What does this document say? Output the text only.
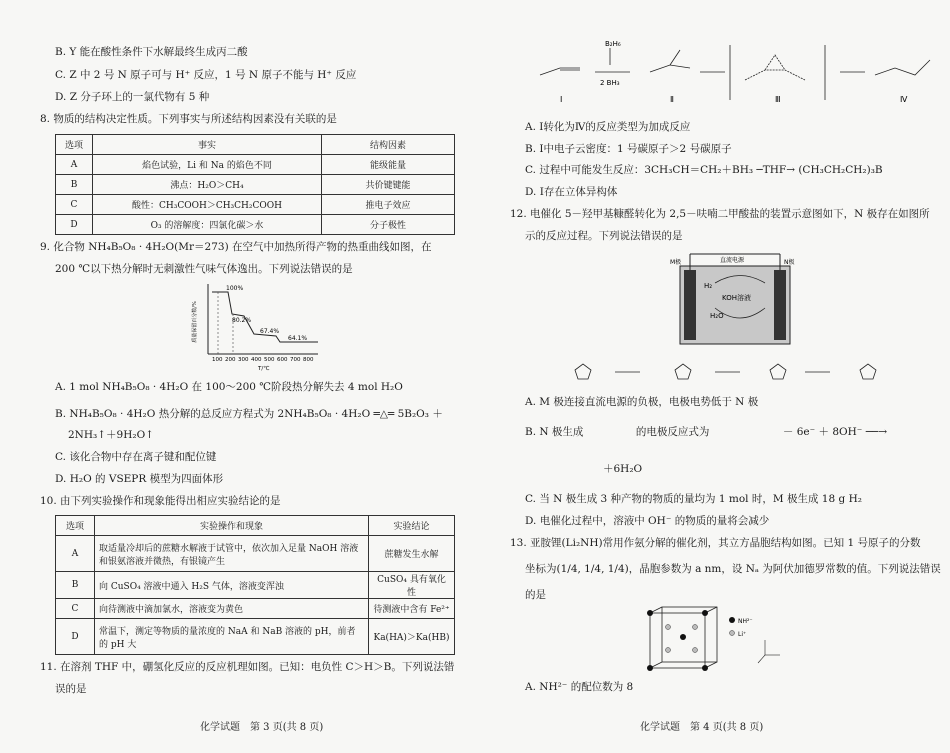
B. Y 能在酸性条件下水解最终生成丙二酸
C. Z 中 2 号 N 原子可与 H⁺ 反应，1 号 N 原子不能与 H⁺ 反应
D. Z 分子环上的一氯代物有 5 种
8. 物质的结构决定性质。下列事实与所述结构因素没有关联的是
选项	事实	结构因素
A	焰色试验，Li 和 Na 的焰色不同	能级能量
B	沸点：H₂O＞CH₄	共价键键能
C	酸性：CH₃COOH＞CH₃CH₂COOH	推电子效应
D	O₃ 的溶解度：四氯化碳＞水	分子极性
9. 化合物 NH₄B₅O₈ · 4H₂O(Mr＝273) 在空气中加热所得产物的热重曲线如图，在
200 ℃以下热分解时无刺激性气味气体逸出。下列说法错误的是
质量保留百分数/%
100%
80.2%
67.4%
64.1%
100 200 300 400 500 600 700 800
T/℃
A. 1 mol NH₄B₅O₈ · 4H₂O 在 100～200 ℃阶段热分解失去 4 mol H₂O
B. NH₄B₅O₈ · 4H₂O 热分解的总反应方程式为 2NH₄B₅O₈ · 4H₂O ═△═ 5B₂O₃ ＋
2NH₃↑＋9H₂O↑
C. 该化合物中存在离子键和配位键
D. H₂O 的 VSEPR 模型为四面体形
10. 由下列实验操作和现象能得出相应实验结论的是
选项	实验操作和现象	实验结论
A	取适量冷却后的蔗糖水解液于试管中，依次加入足量 NaOH 溶液和银氨溶液并微热，有银镜产生	蔗糖发生水解
B	向 CuSO₄ 溶液中通入 H₂S 气体，溶液变浑浊	CuSO₄ 具有氧化性
C	向待测液中滴加氯水，溶液变为黄色	待测液中含有 Fe²⁺
D	常温下，测定等物质的量浓度的 NaA 和 NaB 溶液的 pH，前者的 pH 大	Ka(HA)＞Ka(HB)
11. 在溶剂 THF 中，硼氢化反应的反应机理如图。已知：电负性 C＞H＞B。下列说法错
误的是
化学试题　第 3 页(共 8 页)
B₂H₆
2 BH₃
Ⅰ	Ⅱ	Ⅲ	Ⅳ
A. Ⅰ转化为Ⅳ的反应类型为加成反应
B. Ⅰ中电子云密度：1 号碳原子＞2 号碳原子
C. 过程中可能发生反应：3CH₃CH＝CH₂＋BH₃ ─THF→ (CH₃CH₂CH₂)₃B
D. Ⅰ存在立体异构体
12. 电催化 5－羟甲基糠醛转化为 2,5－呋喃二甲酸盐的装置示意图如下，N 极存在如图所
示的反应过程。下列说法错误的是
直流电源
M极	N极
KOH溶液
H₂
H₂O
A. M 极连接直流电源的负极，电极电势低于 N 极
B. N 极生成　　　　　的电极反应式为　　　　　　　－ 6e⁻ ＋ 8OH⁻ ──→
　　　　　　＋6H₂O
C. 当 N 极生成 3 种产物的物质的量均为 1 mol 时，M 极生成 18 g H₂
D. 电催化过程中，溶液中 OH⁻ 的物质的量将会减少
13. 亚胺锂(Li₂NH)常用作氨分解的催化剂，其立方晶胞结构如图。已知 1 号原子的分数
坐标为(1/4, 1/4, 1/4)，晶胞参数为 a nm，设 Nₐ 为阿伏加德罗常数的值。下列说法错误
的是
NH²⁻
Li⁺
A. NH²⁻ 的配位数为 8
化学试题　第 4 页(共 8 页)
